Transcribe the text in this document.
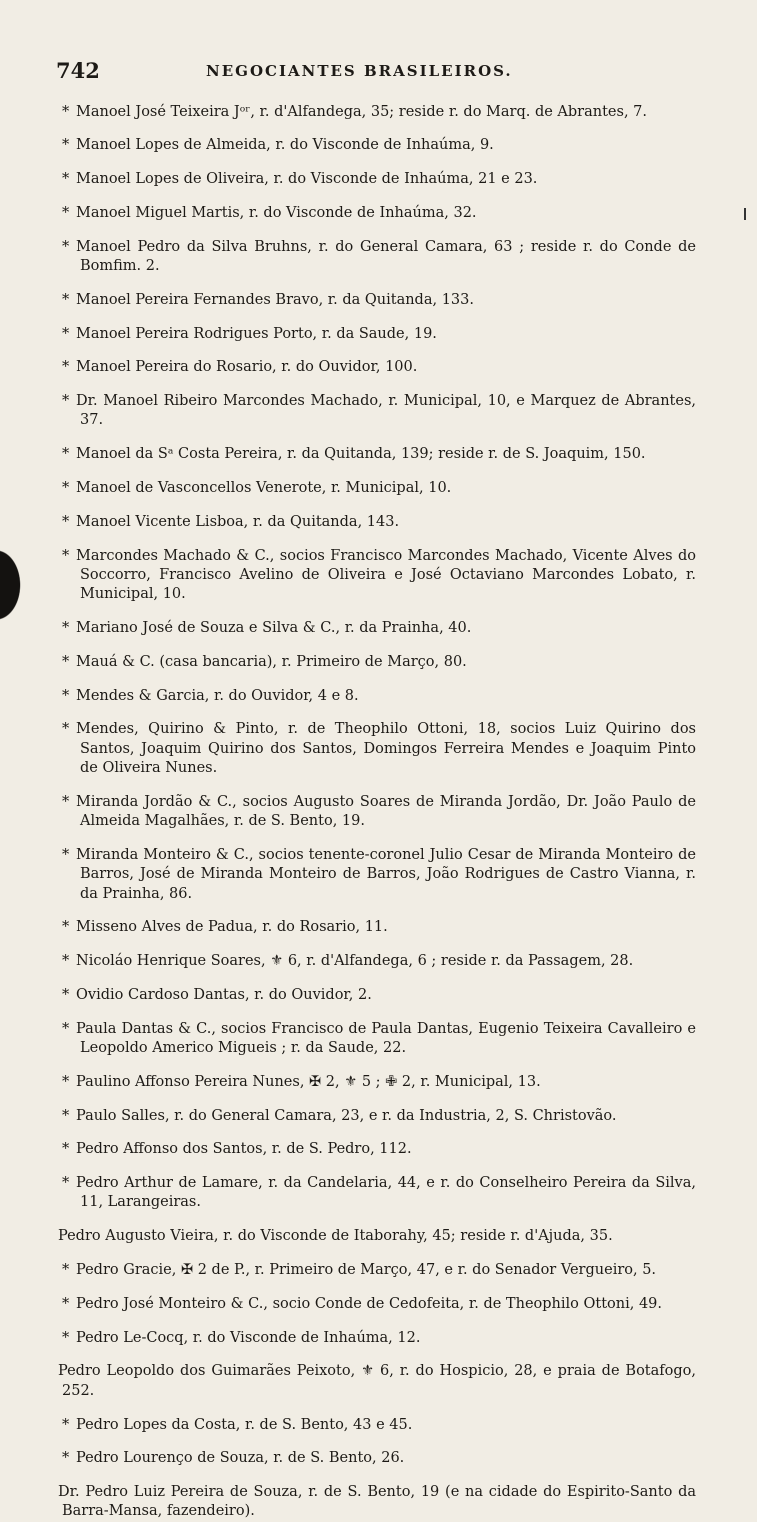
742	NEGOCIANTES BRASILEIROS.

* Manoel José Teixeira Jᵒʳ, r. d'Alfandega, 35; reside r. do Marq. de Abrantes, 7.

* Manoel Lopes de Almeida, r. do Visconde de Inhaúma, 9.

* Manoel Lopes de Oliveira, r. do Visconde de Inhaúma, 21 e 23.

* Manoel Miguel Martis, r. do Visconde de Inhaúma, 32.

* Manoel Pedro da Silva Bruhns, r. do General Camara, 63 ; reside r. do Conde de Bomfim. 2.

* Manoel Pereira Fernandes Bravo, r. da Quitanda, 133.

* Manoel Pereira Rodrigues Porto, r. da Saude, 19.

* Manoel Pereira do Rosario, r. do Ouvidor, 100.

* Dr. Manoel Ribeiro Marcondes Machado, r. Municipal, 10, e Marquez de Abrantes, 37.

* Manoel da Sᵃ Costa Pereira, r. da Quitanda, 139; reside r. de S. Joaquim, 150.

* Manoel de Vasconcellos Venerote, r. Municipal, 10.

* Manoel Vicente Lisboa, r. da Quitanda, 143.

* Marcondes Machado & C., socios Francisco Marcondes Machado, Vicente Alves do Soccorro, Francisco Avelino de Oliveira e José Octaviano Marcondes Lobato, r. Municipal, 10.

* Mariano José de Souza e Silva & C., r. da Prainha, 40.

* Mauá & C. (casa bancaria), r. Primeiro de Março, 80.

* Mendes & Garcia, r. do Ouvidor, 4 e 8.

* Mendes, Quirino & Pinto, r. de Theophilo Ottoni, 18, socios Luiz Quirino dos Santos, Joaquim Quirino dos Santos, Domingos Ferreira Mendes e Joaquim Pinto de Oliveira Nunes.

* Miranda Jordão & C., socios Augusto Soares de Miranda Jordão, Dr. João Paulo de Almeida Magalhães, r. de S. Bento, 19.

* Miranda Monteiro & C., socios tenente-coronel Julio Cesar de Miranda Monteiro de Barros, José de Miranda Monteiro de Barros, João Rodrigues de Castro Vianna, r. da Prainha, 86.

* Misseno Alves de Padua, r. do Rosario, 11.

* Nicoláo Henrique Soares, ⚜ 6, r. d'Alfandega, 6 ; reside r. da Passagem, 28.

* Ovidio Cardoso Dantas, r. do Ouvidor, 2.

* Paula Dantas & C., socios Francisco de Paula Dantas, Eugenio Teixeira Cavalleiro e Leopoldo Americo Migueis ; r. da Saude, 22.

* Paulino Affonso Pereira Nunes, ✠ 2, ⚜ 5 ; ✙ 2, r. Municipal, 13.

* Paulo Salles, r. do General Camara, 23, e r. da Industria, 2, S. Christovão.

* Pedro Affonso dos Santos, r. de S. Pedro, 112.

* Pedro Arthur de Lamare, r. da Candelaria, 44, e r. do Conselheiro Pereira da Silva, 11, Larangeiras.

Pedro Augusto Vieira, r. do Visconde de Itaborahy, 45; reside r. d'Ajuda, 35.

* Pedro Gracie, ✠ 2 de P., r. Primeiro de Março, 47, e r. do Senador Vergueiro, 5.

* Pedro José Monteiro & C., socio Conde de Cedofeita, r. de Theophilo Ottoni, 49.

* Pedro Le-Cocq, r. do Visconde de Inhaúma, 12.

Pedro Leopoldo dos Guimarães Peixoto, ⚜ 6, r. do Hospicio, 28, e praia de Botafogo, 252.

* Pedro Lopes da Costa, r. de S. Bento, 43 e 45.

* Pedro Lourenço de Souza, r. de S. Bento, 26.

Dr. Pedro Luiz Pereira de Souza, r. de S. Bento, 19 (e na cidade do Espirito-Santo da Barra-Mansa, fazendeiro).
